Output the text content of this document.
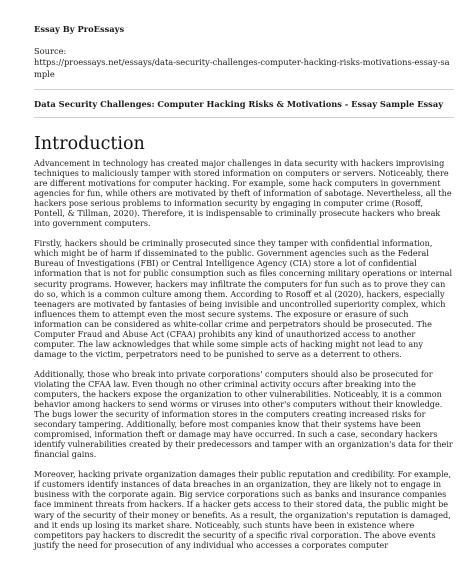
Essay By ProEssays
Source:
https://proessays.net/essays/data-security-challenges-computer-hacking-risks-motivations-essay-sample
Data Security Challenges: Computer Hacking Risks & Motivations - Essay Sample Essay
Introduction

Advancement in technology has created major challenges in data security with hackers improvising techniques to maliciously tamper with stored information on computers or servers. Noticeably, there are different motivations for computer hacking. For example, some hack computers in government agencies for fun, while others are motivated by theft of information of sabotage. Nevertheless, all the hackers pose serious problems to information security by engaging in computer crime (Rosoff, Pontell, & Tillman, 2020). Therefore, it is indispensable to criminally prosecute hackers who break into government computers.

Firstly, hackers should be criminally prosecuted since they tamper with confidential information, which might be of harm if disseminated to the public. Government agencies such as the Federal Bureau of Investigations (FBI) or Central Intelligence Agency (CIA) store a lot of confidential information that is not for public consumption such as files concerning military operations or internal security programs. However, hackers may infiltrate the computers for fun such as to prove they can do so, which is a common culture among them. According to Rosoff et al (2020), hackers, especially teenagers are motivated by fantasies of being invisible and uncontrolled superiority complex, which influences them to attempt even the most secure systems. The exposure or erasure of such information can be considered as white-collar crime and perpetrators should be prosecuted. The Computer Fraud and Abuse Act (CFAA) prohibits any kind of unauthorized access to another computer. The law acknowledges that while some simple acts of hacking might not lead to any damage to the victim, perpetrators need to be punished to serve as a deterrent to others.

Additionally, those who break into private corporations' computers should also be prosecuted for violating the CFAA law. Even though no other criminal activity occurs after breaking into the computers, the hackers expose the organization to other vulnerabilities. Noticeably, it is a common behavior among hackers to send worms or viruses into other's computers without their knowledge. The bugs lower the security of information stores in the computers creating increased risks for secondary tampering. Additionally, before most companies know that their systems have been compromised, information theft or damage may have occurred. In such a case, secondary hackers identify vulnerabilities created by their predecessors and tamper with an organization's data for their financial gains.

Moreover, hacking private organization damages their public reputation and credibility. For example, if customers identify instances of data breaches in an organization, they are likely not to engage in business with the corporate again. Big service corporations such as banks and insurance companies face imminent threats from hackers. If a hacker gets access to their stored data, the public might be wary of the security of their money or benefits. As a result, the organization's reputation is damaged, and it ends up losing its market share. Noticeably, such stunts have been in existence where competitors pay hackers to discredit the security of a specific rival corporation. The above events justify the need for prosecution of any individual who accesses a corporates computer
